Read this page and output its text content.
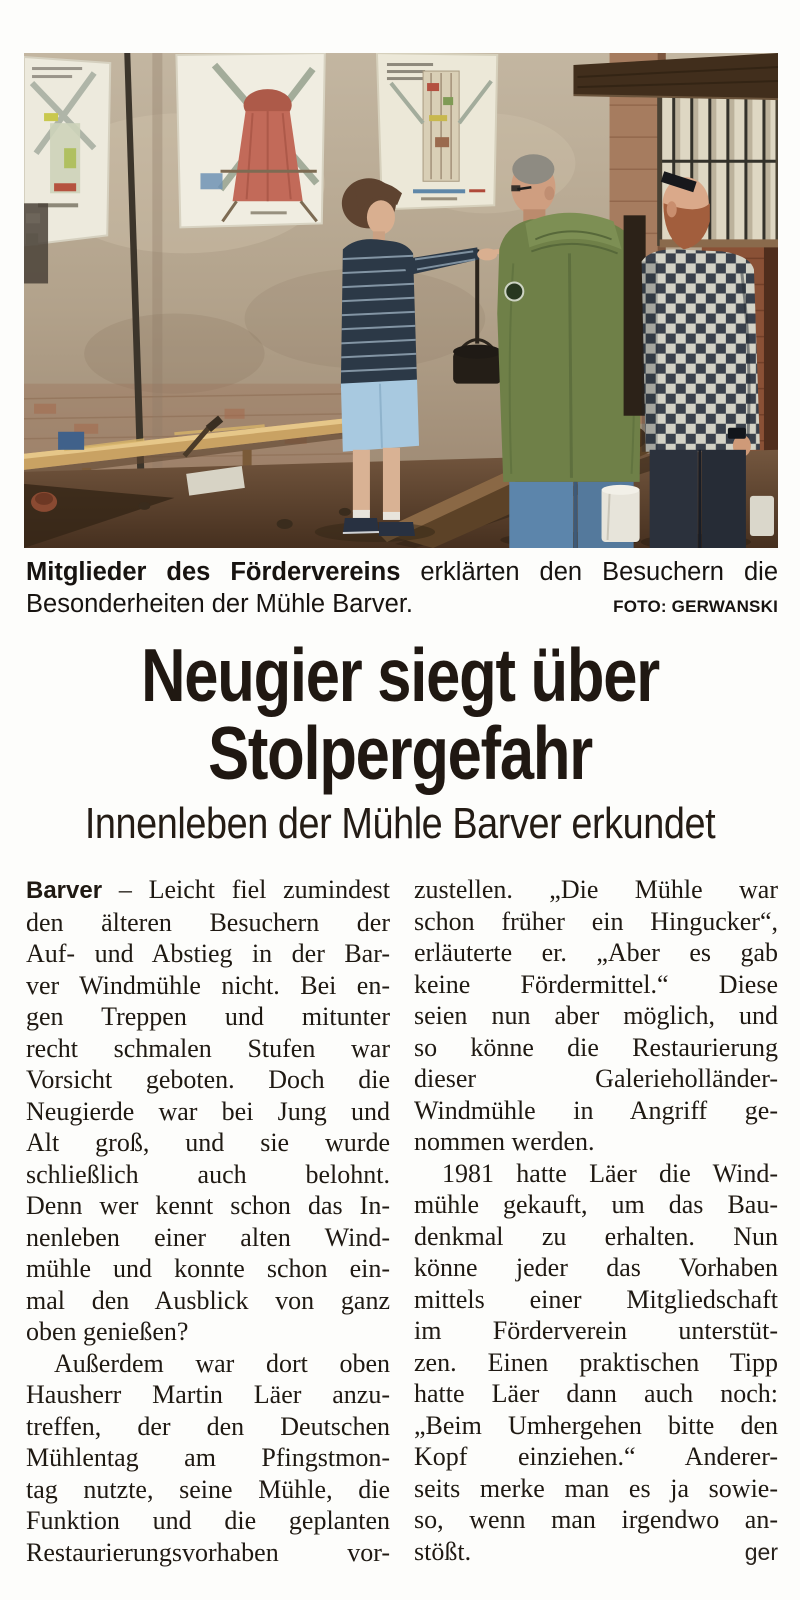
Mitglieder des Fördervereins erklärten den Besuchern die
Besonderheiten der Mühle Barver.	FOTO: GERWANSKI
Neugier siegt über
Stolpergefahr
Innenleben der Mühle Barver erkundet
Barver – Leicht fiel zumindest
den älteren Besuchern der
Auf- und Abstieg in der Bar-
ver Windmühle nicht. Bei en-
gen Treppen und mitunter
recht schmalen Stufen war
Vorsicht geboten. Doch die
Neugierde war bei Jung und
Alt groß, und sie wurde
schließlich auch belohnt.
Denn wer kennt schon das In-
nenleben einer alten Wind-
mühle und konnte schon ein-
mal den Ausblick von ganz
oben genießen?
Außerdem war dort oben
Hausherr Martin Läer anzu-
treffen, der den Deutschen
Mühlentag am Pfingstmon-
tag nutzte, seine Mühle, die
Funktion und die geplanten
Restaurierungsvorhaben vor-
zustellen. „Die Mühle war
schon früher ein Hingucker“,
erläuterte er. „Aber es gab
keine Fördermittel.“ Diese
seien nun aber möglich, und
so könne die Restaurierung
dieser Galerieholländer-
Windmühle in Angriff ge-
nommen werden.
1981 hatte Läer die Wind-
mühle gekauft, um das Bau-
denkmal zu erhalten. Nun
könne jeder das Vorhaben
mittels einer Mitgliedschaft
im Förderverein unterstüt-
zen. Einen praktischen Tipp
hatte Läer dann auch noch:
„Beim Umhergehen bitte den
Kopf einziehen.“ Anderer-
seits merke man es ja sowie-
so, wenn man irgendwo an-
stößt.	ger
